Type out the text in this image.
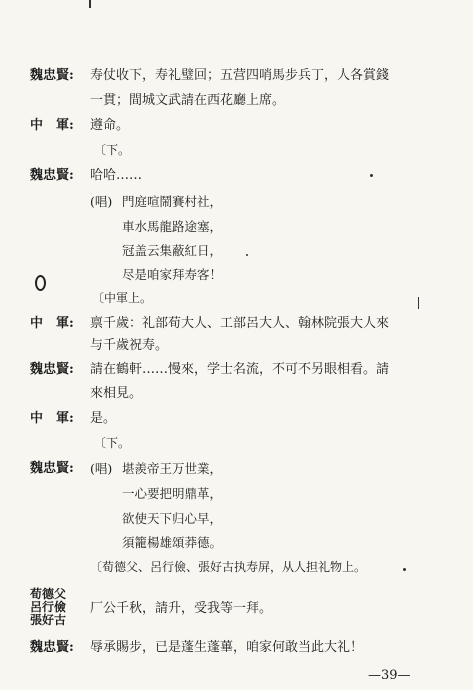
魏忠賢: 寿仗收下，寿礼璧回；五营四哨馬步兵丁，人各賞錢
一貫；間城文武請在西花廳上席。
中　軍: 遵命。
〔下。
魏忠賢: 哈哈……
(唱) 門庭喧鬧賽村社，
車水馬龍路途塞，
冠盖云集蔽紅日，
尽是咱家拜寿客！
〔中軍上。
中　軍: 禀千歲：礼部荀大人、工部呂大人、翰林院張大人來
与千歲祝寿。
魏忠賢: 請在鶴軒……慢來，学士名流，不可不另眼相看。請
來相見。
中　軍: 是。
〔下。
魏忠賢: (唱) 堪羨帝王万世業，
一心要把明鼎革，
欲使天下归心早，
須籠楊雄頌莽德。
〔荀德父、呂行儉、張好古执寿屏，从人担礼物上。
荀德父
呂行儉
張好古
厂公千秋，請升，受我等一拜。
魏忠賢: 辱承賜步，已是蓬生蓬蓽，咱家何敢当此大礼！
—39—
